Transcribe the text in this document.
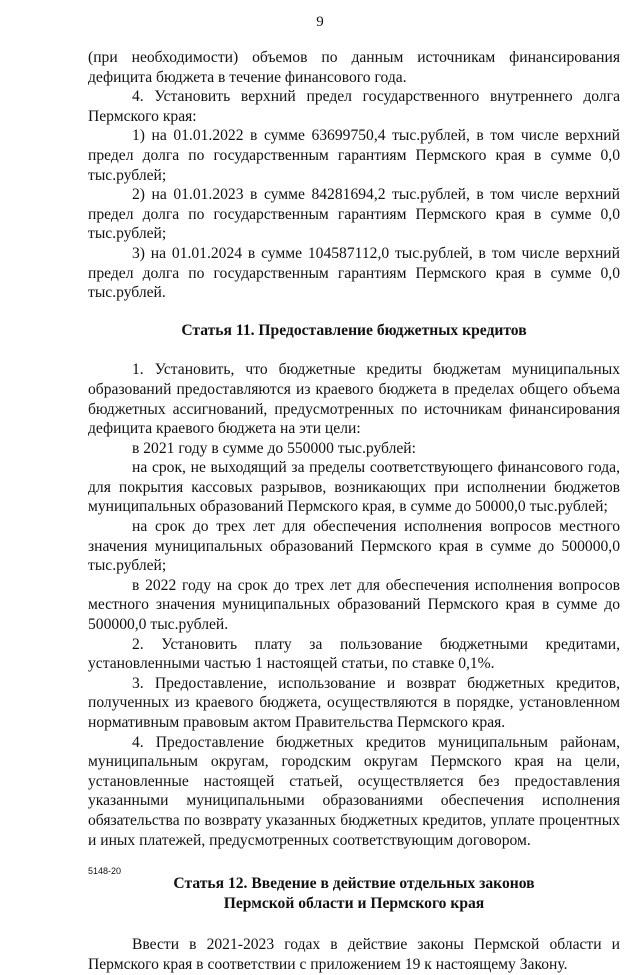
9

(при необходимости) объемов по данным источникам финансирования дефицита бюджета в течение финансового года.

4. Установить верхний предел государственного внутреннего долга Пермского края:

1) на 01.01.2022 в сумме 63699750,4 тыс.рублей, в том числе верхний предел долга по государственным гарантиям Пермского края в сумме 0,0 тыс.рублей;

2) на 01.01.2023 в сумме 84281694,2 тыс.рублей, в том числе верхний предел долга по государственным гарантиям Пермского края в сумме 0,0 тыс.рублей;

3) на 01.01.2024 в сумме 104587112,0 тыс.рублей, в том числе верхний предел долга по государственным гарантиям Пермского края в сумме 0,0 тыс.рублей.

Статья 11. Предоставление бюджетных кредитов

1. Установить, что бюджетные кредиты бюджетам муниципальных образований предоставляются из краевого бюджета в пределах общего объема бюджетных ассигнований, предусмотренных по источникам финансирования дефицита краевого бюджета на эти цели:

в 2021 году в сумме до 550000 тыс.рублей:

на срок, не выходящий за пределы соответствующего финансового года, для покрытия кассовых разрывов, возникающих при исполнении бюджетов муниципальных образований Пермского края, в сумме до 50000,0 тыс.рублей;

на срок до трех лет для обеспечения исполнения вопросов местного значения муниципальных образований Пермского края в сумме до 500000,0 тыс.рублей;

в 2022 году на срок до трех лет для обеспечения исполнения вопросов местного значения муниципальных образований Пермского края в сумме до 500000,0 тыс.рублей.

2. Установить плату за пользование бюджетными кредитами, установленными частью 1 настоящей статьи, по ставке 0,1%.

3. Предоставление, использование и возврат бюджетных кредитов, полученных из краевого бюджета, осуществляются в порядке, установленном нормативным правовым актом Правительства Пермского края.

4. Предоставление бюджетных кредитов муниципальным районам, муниципальным округам, городским округам Пермского края на цели, установленные настоящей статьей, осуществляется без предоставления указанными муниципальными образованиями обеспечения исполнения обязательства по возврату указанных бюджетных кредитов, уплате процентных и иных платежей, предусмотренных соответствующим договором.

Статья 12. Введение в действие отдельных законов
Пермской области и Пермского края

Ввести в 2021-2023 годах в действие законы Пермской области и Пермского края в соответствии с приложением 19 к настоящему Закону.

5148-20
